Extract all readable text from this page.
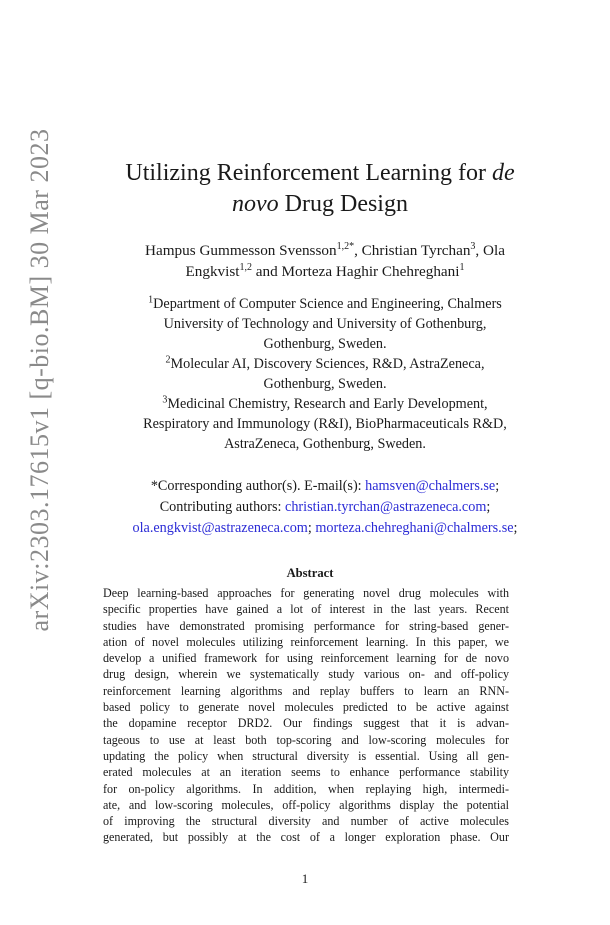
arXiv:2303.17615v1 [q-bio.BM] 30 Mar 2023	Utilizing Reinforcement Learning for de
novo Drug Design
Hampus Gummesson Svensson$^{1,2*}$, Christian Tyrchan$^3$, Ola
Engkvist$^{1,2}$ and Morteza Haghir Chehreghani$^1$
$^1$Department of Computer Science and Engineering, Chalmers
University of Technology and University of Gothenburg,
Gothenburg, Sweden.
$^2$Molecular AI, Discovery Sciences, R&D, AstraZeneca,
Gothenburg, Sweden.
$^3$Medicinal Chemistry, Research and Early Development,
Respiratory and Immunology (R&I), BioPharmaceuticals R&D,
AstraZeneca, Gothenburg, Sweden.
*Corresponding author(s). E-mail(s): hamsven@chalmers.se;
Contributing authors: christian.tyrchan@astrazeneca.com;
ola.engkvist@astrazeneca.com; morteza.chehreghani@chalmers.se;
Abstract
Deep learning-based approaches for generating novel drug molecules with
specific properties have gained a lot of interest in the last years. Recent
studies have demonstrated promising performance for string-based gener-
ation of novel molecules utilizing reinforcement learning. In this paper, we
develop a unified framework for using reinforcement learning for de novo
drug design, wherein we systematically study various on- and off-policy
reinforcement learning algorithms and replay buffers to learn an RNN-
based policy to generate novel molecules predicted to be active against
the dopamine receptor DRD2. Our findings suggest that it is advan-
tageous to use at least both top-scoring and low-scoring molecules for
updating the policy when structural diversity is essential. Using all gen-
erated molecules at an iteration seems to enhance performance stability
for on-policy algorithms. In addition, when replaying high, intermedi-
ate, and low-scoring molecules, off-policy algorithms display the potential
of improving the structural diversity and number of active molecules
generated, but possibly at the cost of a longer exploration phase. Our
1
